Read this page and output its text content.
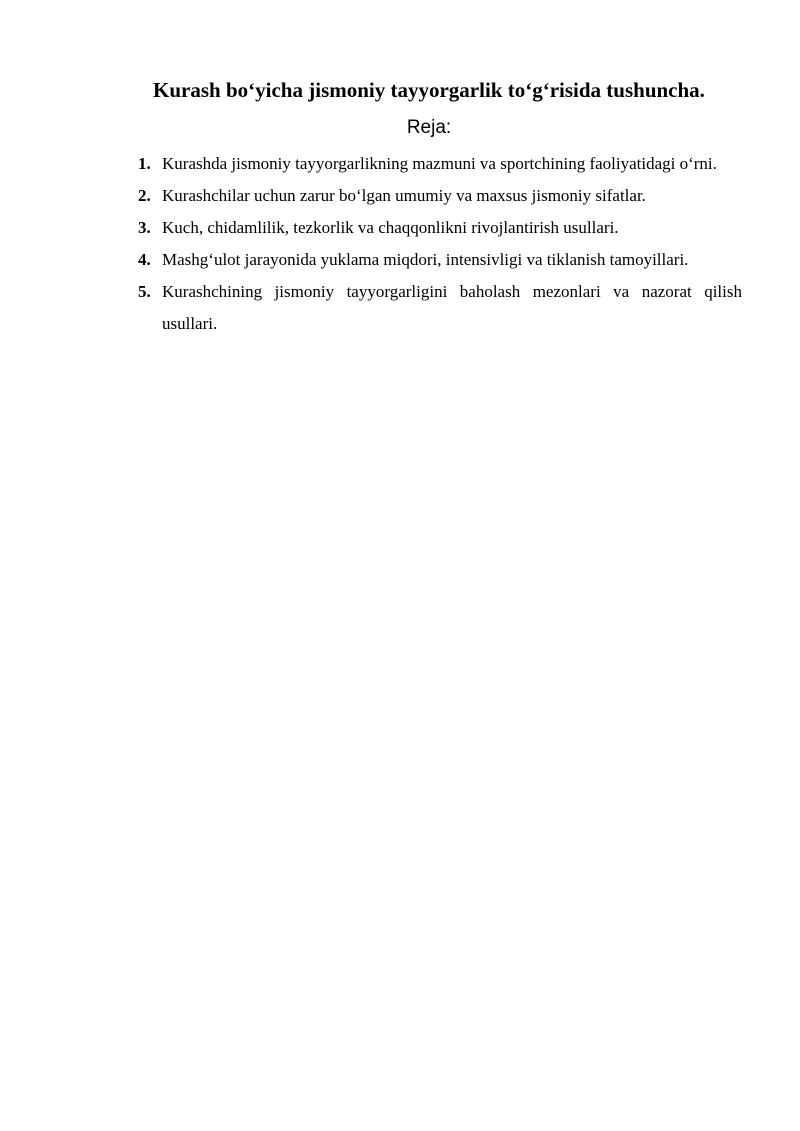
Kurash bo‘yicha jismoniy tayyorgarlik to‘g‘risida tushuncha.
Reja:
1. Kurashda jismoniy tayyorgarlikning mazmuni va sportchining faoliyatidagi o‘rni.
2. Kurashchilar uchun zarur bo‘lgan umumiy va maxsus jismoniy sifatlar.
3. Kuch, chidamlilik, tezkorlik va chaqqonlikni rivojlantirish usullari.
4. Mashg‘ulot jarayonida yuklama miqdori, intensivligi va tiklanish tamoyillari.
5. Kurashchining jismoniy tayyorgarligini baholash mezonlari va nazorat qilish usullari.
